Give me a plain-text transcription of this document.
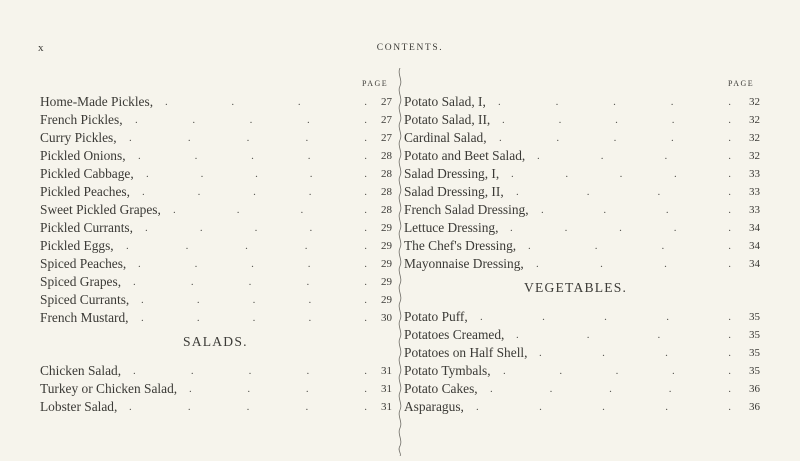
x	CONTENTS.
PAGE	PAGE
Home-Made Pickles,	27
.	.	.	.
French Pickles,	27
.	.	.	.	.
Curry Pickles,	27
.	.	.	.	.
Pickled Onions,	28
.	.	.	.	.
Pickled Cabbage,	28
.	.	.	.	.
Pickled Peaches,	28
.	.	.	.	.
Sweet Pickled Grapes,	28
.	.	.	.
Pickled Currants,	29
.	.	.	.	.
Pickled Eggs,	29
.	.	.	.	.
Spiced Peaches,	29
.	.	.	.	.
Spiced Grapes,	29
.	.	.	.	.
Spiced Currants,	29
.	.	.	.	.
French Mustard,	30
.	.	.	.	.
SALADS.
Chicken Salad,	31
.	.	.	.	.
Turkey or Chicken Salad,	31
.	.	.	.
Lobster Salad,	31
.	.	.	.	.
Potato Salad, I,	32
.	.	.	.	.
Potato Salad, II,	32
.	.	.	.	.
Cardinal Salad,	32
.	.	.	.	.
Potato and Beet Salad,	32
.	.	.	.
Salad Dressing, I,	33
.	.	.	.	.
Salad Dressing, II,	33
.	.	.	.
French Salad Dressing,	33
.	.	.	.
Lettuce Dressing,	34
.	.	.	.	.
The Chef's Dressing,	34
.	.	.	.
Mayonnaise Dressing,	34
.	.	.	.
VEGETABLES.
Potato Puff,	35
.	.	.	.	.
Potatoes Creamed,	35
.	.	.	.
Potatoes on Half Shell,	35
.	.	.	.
Potato Tymbals,	35
.	.	.	.	.
Potato Cakes,	36
.	.	.	.	.
Asparagus,	36
.	.	.	.	.
